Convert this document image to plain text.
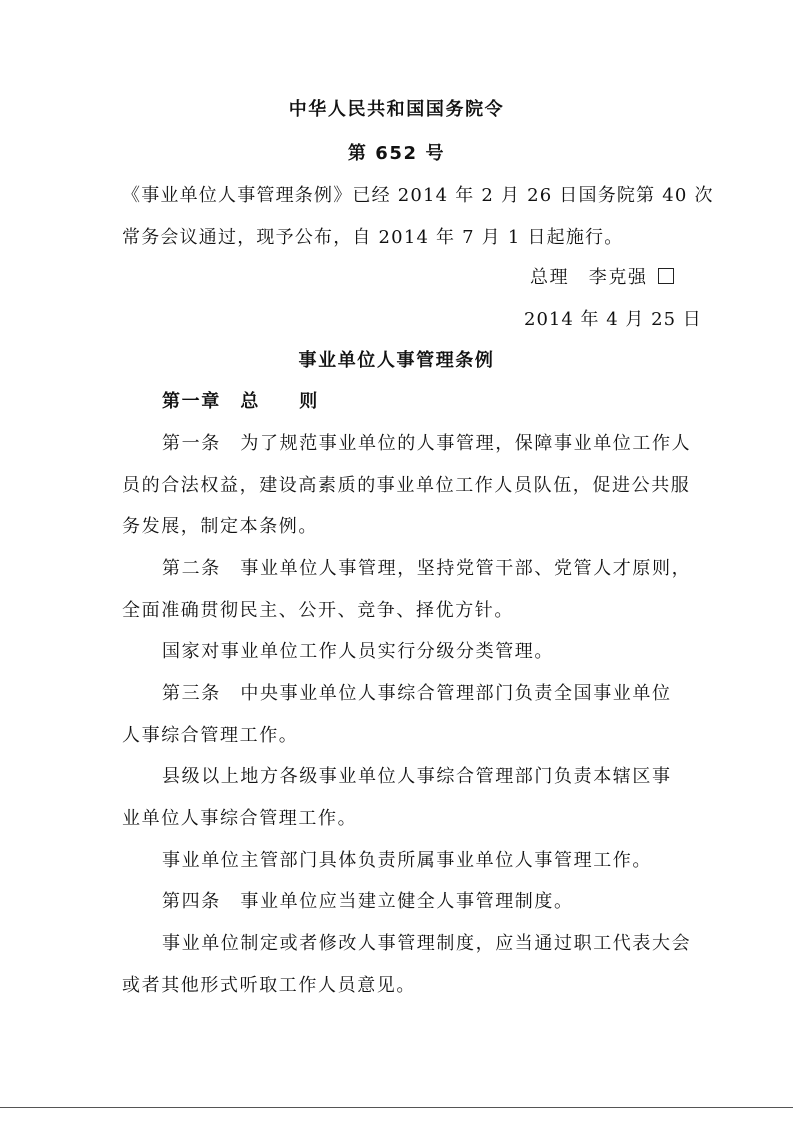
中华人民共和国国务院令
第 652 号
《事业单位人事管理条例》已经 2014 年 2 月 26 日国务院第 40 次
常务会议通过，现予公布，自 2014 年 7 月 1 日起施行。
总理　李克强
2014 年 4 月 25 日
事业单位人事管理条例
第一章　总　　则
第一条　为了规范事业单位的人事管理，保障事业单位工作人
员的合法权益，建设高素质的事业单位工作人员队伍，促进公共服
务发展，制定本条例。
第二条　事业单位人事管理，坚持党管干部、党管人才原则，
全面准确贯彻民主、公开、竞争、择优方针。
国家对事业单位工作人员实行分级分类管理。
第三条　中央事业单位人事综合管理部门负责全国事业单位
人事综合管理工作。
县级以上地方各级事业单位人事综合管理部门负责本辖区事
业单位人事综合管理工作。
事业单位主管部门具体负责所属事业单位人事管理工作。
第四条　事业单位应当建立健全人事管理制度。
事业单位制定或者修改人事管理制度，应当通过职工代表大会
或者其他形式听取工作人员意见。
